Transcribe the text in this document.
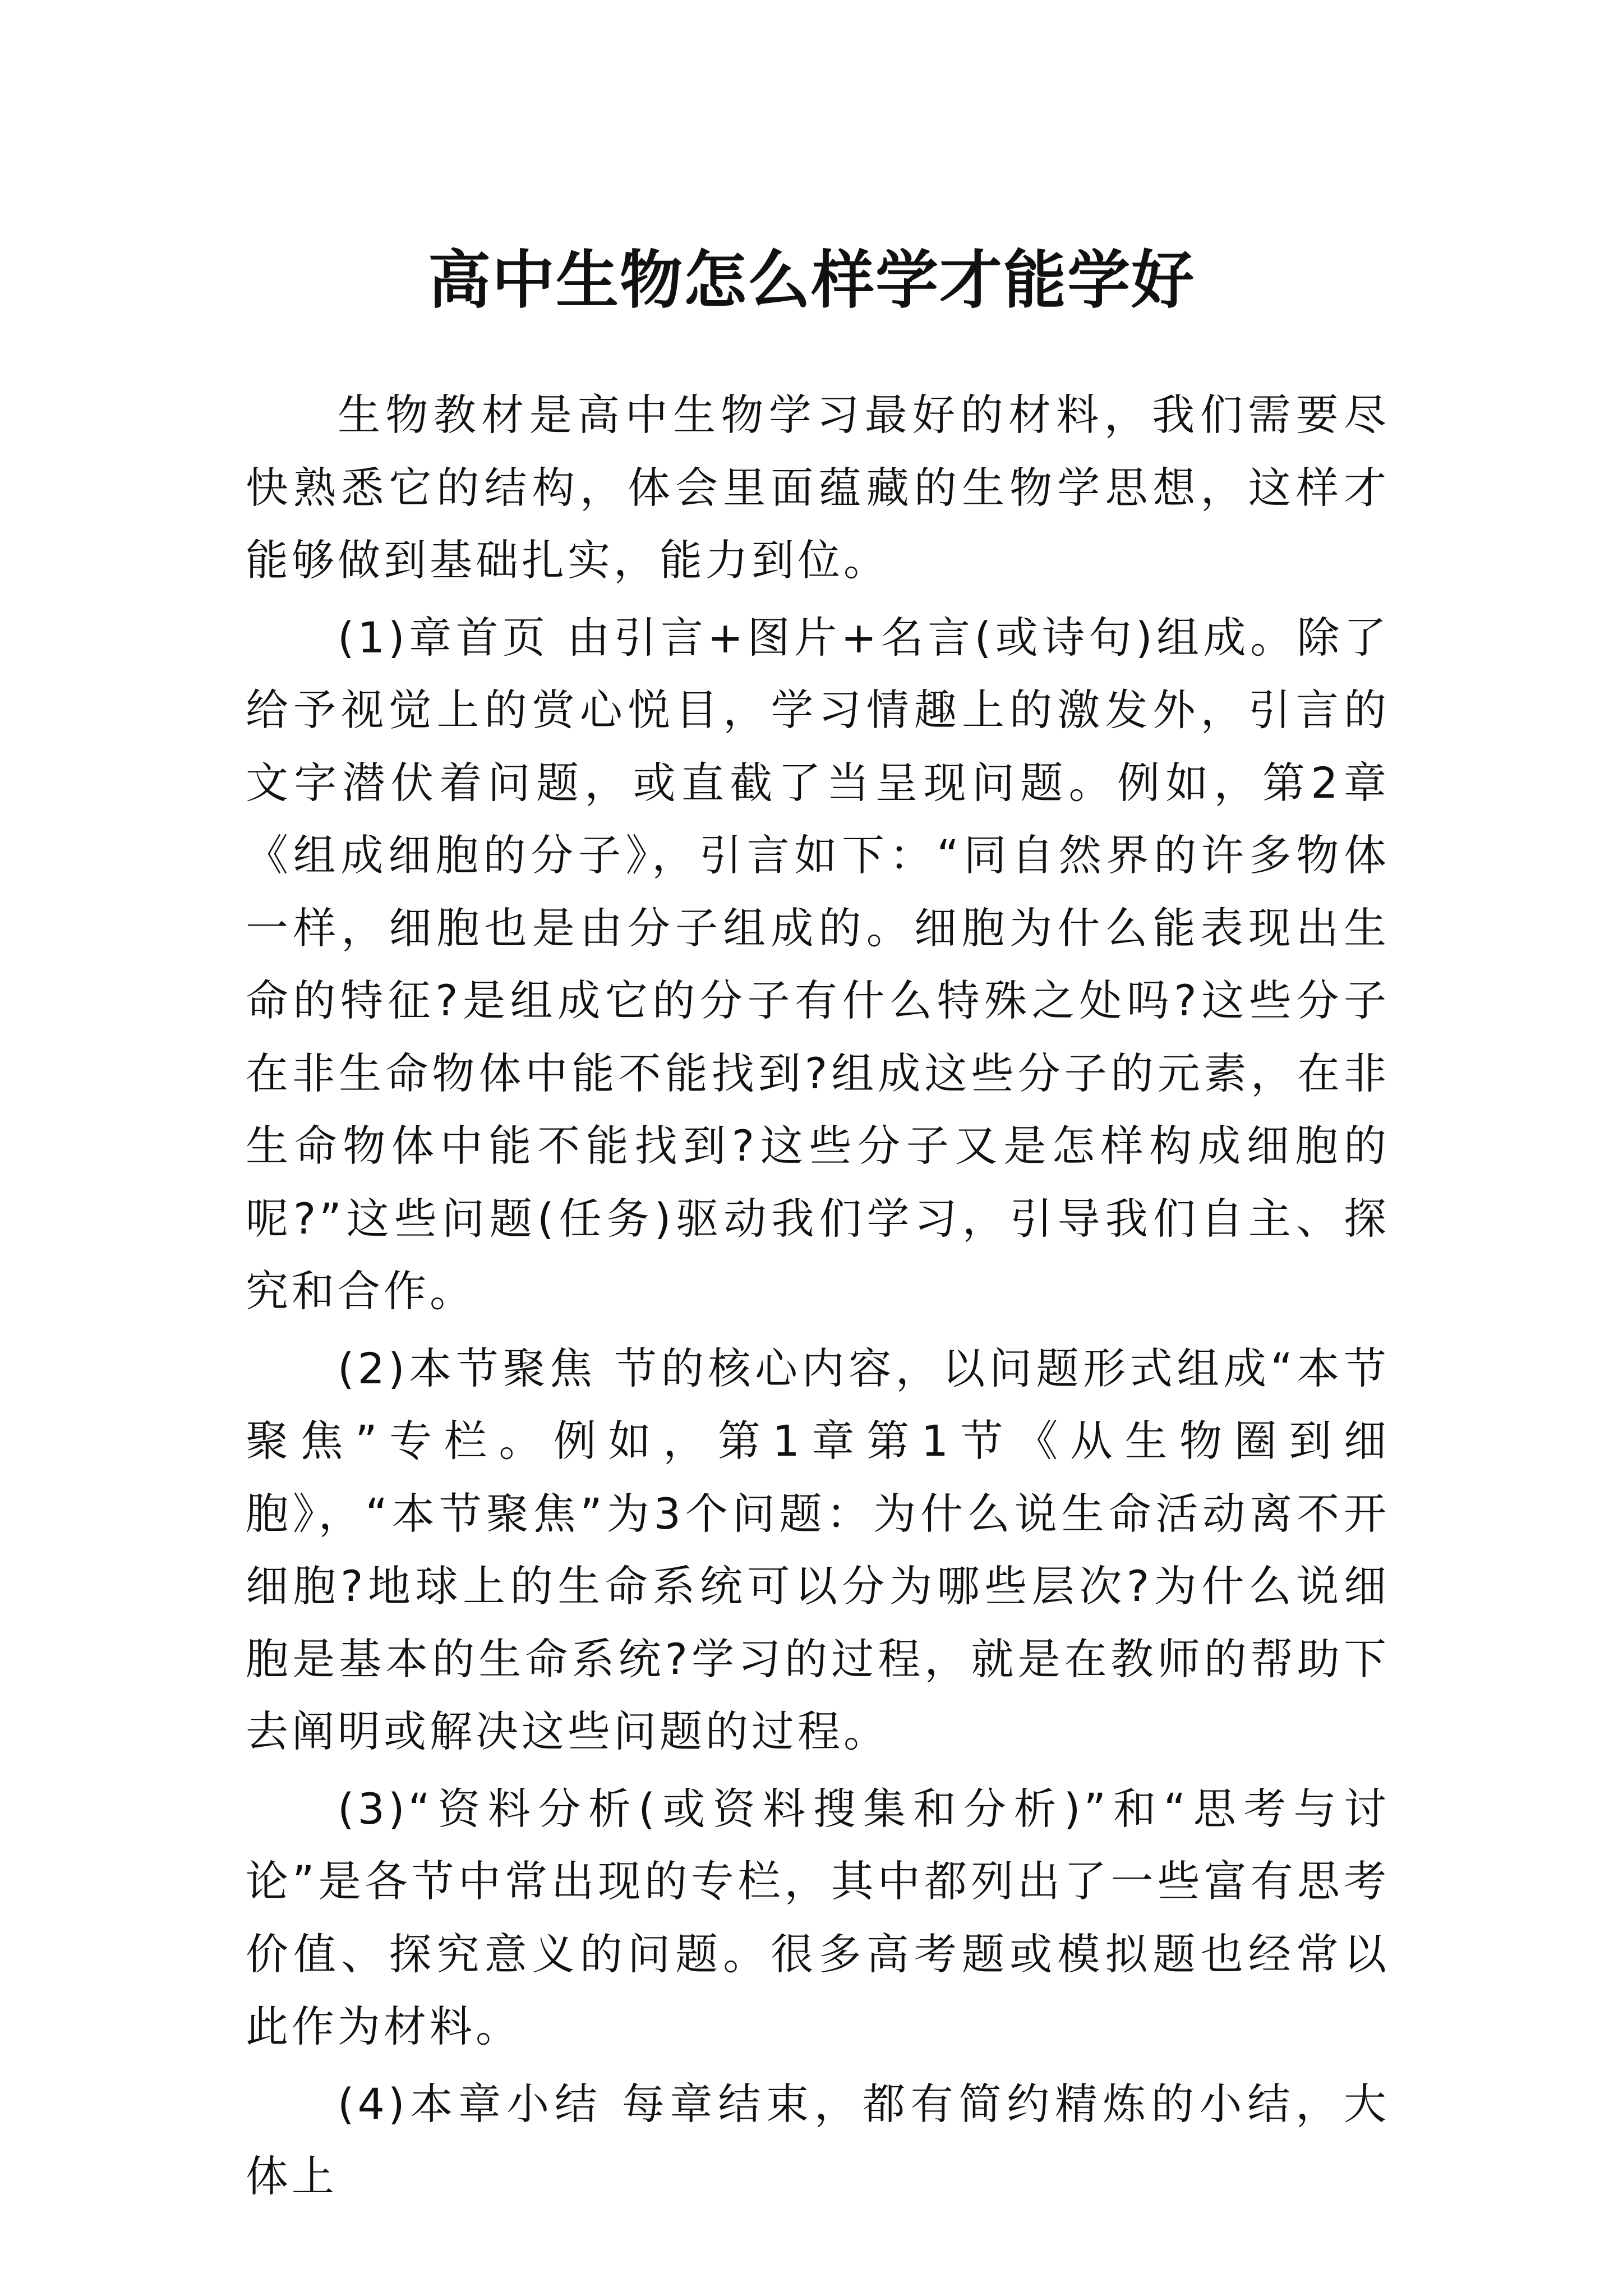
高中生物怎么样学才能学好

生物教材是高中生物学习最好的材料，我们需要尽快熟悉它的结构，体会里面蕴藏的生物学思想，这样才能够做到基础扎实，能力到位。

(1)章首页 由引言+图片+名言(或诗句)组成。除了给予视觉上的赏心悦目，学习情趣上的激发外，引言的文字潜伏着问题，或直截了当呈现问题。例如，第2章《组成细胞的分子》，引言如下：“同自然界的许多物体一样，细胞也是由分子组成的。细胞为什么能表现出生命的特征?是组成它的分子有什么特殊之处吗?这些分子在非生命物体中能不能找到?组成这些分子的元素，在非生命物体中能不能找到?这些分子又是怎样构成细胞的呢?”这些问题(任务)驱动我们学习，引导我们自主、探究和合作。

(2)本节聚焦 节的核心内容，以问题形式组成“本节聚焦”专栏。例如，第1章第1节《从生物圈到细胞》，“本节聚焦”为3个问题：为什么说生命活动离不开细胞?地球上的生命系统可以分为哪些层次?为什么说细胞是基本的生命系统?学习的过程，就是在教师的帮助下去阐明或解决这些问题的过程。

(3)“资料分析(或资料搜集和分析)”和“思考与讨论”是各节中常出现的专栏，其中都列出了一些富有思考价值、探究意义的问题。很多高考题或模拟题也经常以此作为材料。

(4)本章小结 每章结束，都有简约精炼的小结，大体上
